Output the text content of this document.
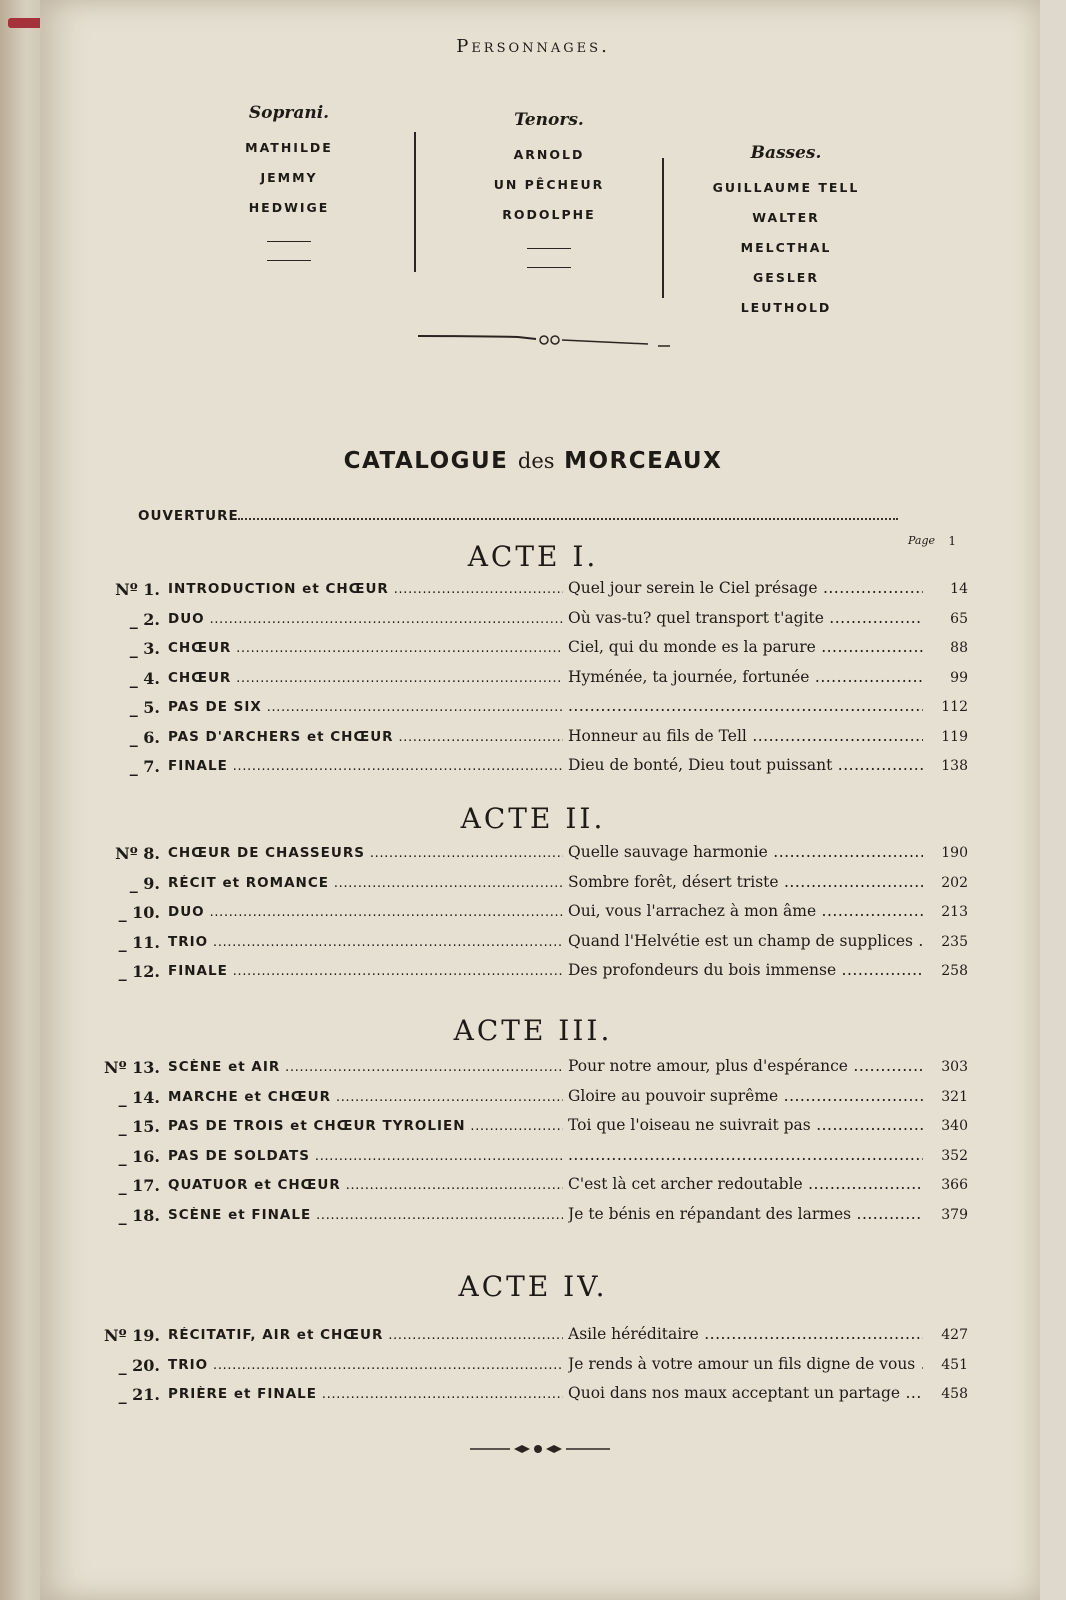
Personnages.
Soprani.
MATHILDE
JEMMY
HEDWIGE
Tenors.
ARNOLD
UN PÊCHEUR
RODOLPHE
Basses.
GUILLAUME TELL
WALTER
MELCTHAL
GESLER
LEUTHOLD
CATALOGUE des MORCEAUX
OUVERTURE
Page 1
ACTE I.
Nº 1. INTRODUCTION et CHŒUR .....	Quel jour serein le Ciel présage .....	14
_ 2. DUO .....	Où vas-tu? quel transport t'agite .....	65
_ 3. CHŒUR .....	Ciel, qui du monde es la parure .....	88
_ 4. CHŒUR .....	Hyménée, ta journée, fortunée .....	99
_ 5. PAS DE SIX ..... .....	112
_ 6. PAS D'ARCHERS et CHŒUR .....	Honneur au fils de Tell .....	119
_ 7. FINALE .....	Dieu de bonté, Dieu tout puissant .....	138
ACTE II.
Nº 8. CHŒUR DE CHASSEURS .....	Quelle sauvage harmonie .....	190
_ 9. RÉCIT et ROMANCE .....	Sombre forêt, désert triste .....	202
_ 10. DUO .....	Oui, vous l'arrachez à mon âme .....	213
_ 11. TRIO .....	Quand l'Helvétie est un champ de supplices .....	235
_ 12. FINALE .....	Des profondeurs du bois immense .....	258
ACTE III.
Nº 13. SCÈNE et AIR .....	Pour notre amour, plus d'espérance .....	303
_ 14. MARCHE et CHŒUR .....	Gloire au pouvoir suprême .....	321
_ 15. PAS DE TROIS et CHŒUR TYROLIEN .....	Toi que l'oiseau ne suivrait pas .....	340
_ 16. PAS DE SOLDATS ..... .....	352
_ 17. QUATUOR et CHŒUR .....	C'est là cet archer redoutable .....	366
_ 18. SCÈNE et FINALE .....	Je te bénis en répandant des larmes .....	379
ACTE IV.
Nº 19. RÉCITATIF, AIR et CHŒUR .....	Asile héréditaire .....	427
_ 20. TRIO .....	Je rends à votre amour un fils digne de vous .....	451
_ 21. PRIÈRE et FINALE .....	Quoi dans nos maux acceptant un partage .....	458
